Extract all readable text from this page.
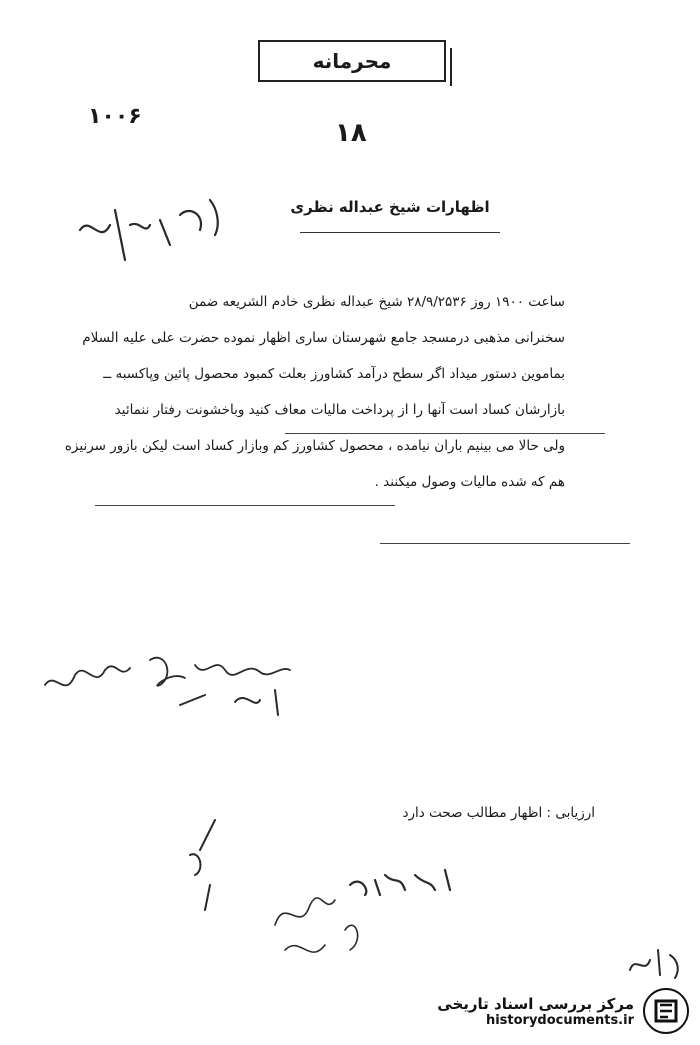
محرمانه
۱۰۰۶
۱۸
اظهارات شیخ عبداله نظری
ساعت ۱۹۰۰ روز ۲۸/۹/۲۵۳۶ شیخ عبداله نظری خادم الشریعه ضمن
سخنرانی مذهبی درمسجد جامع شهرستان ساری اظهار نموده حضرت علی علیه السلام
بماموین دستور میداد اگر سطح درآمد کشاورز بعلت کمبود محصول پائین وپاکسبه ــ
بازارشان کساد است آنها را از پرداخت مالیات معاف کنید وباخشونت رفتار ننمائید
ولی حالا می بینیم باران نیامده ، محصول کشاورز کم وبازار کساد است لیکن بازور سرنیزه
هم که شده مالیات وصول میکنند .
ارزیابی : اظهار مطالب صحت دارد
مرکز بررسی اسناد تاریخی
historydocuments.ir
